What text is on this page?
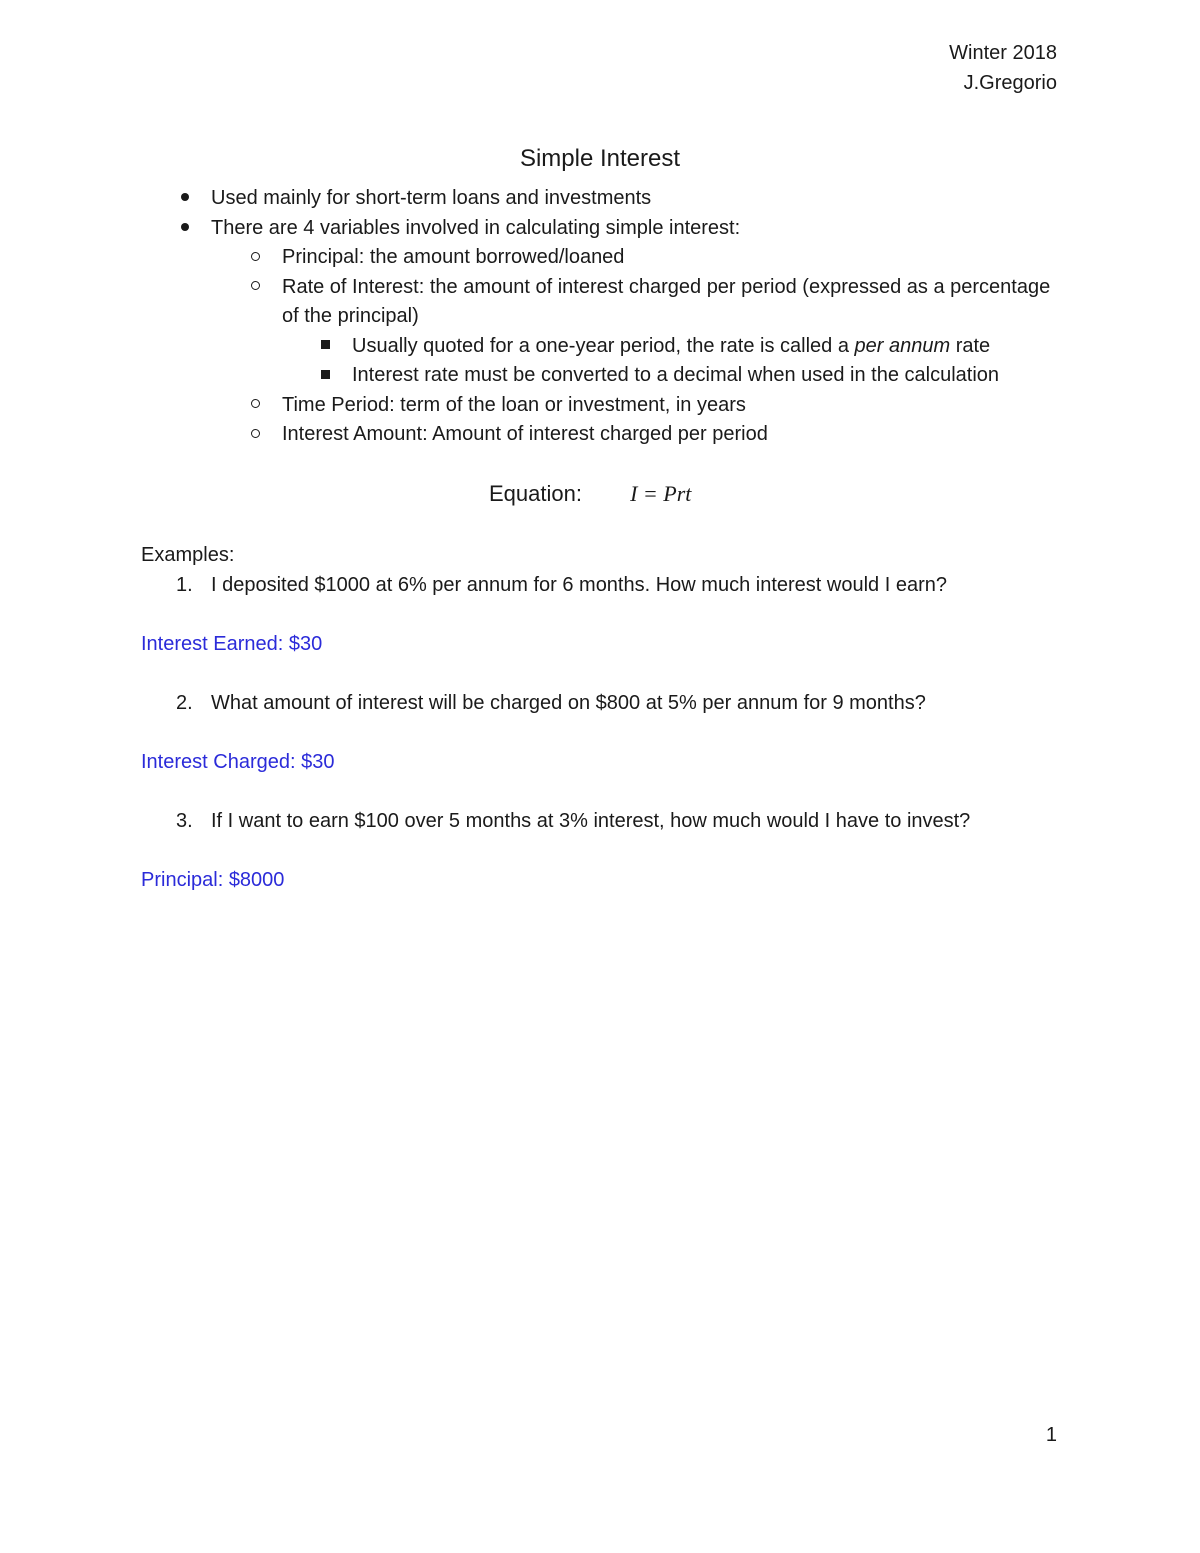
Winter 2018
J.Gregorio
Simple Interest
Used mainly for short-term loans and investments
There are 4 variables involved in calculating simple interest:
Principal: the amount borrowed/loaned
Rate of Interest: the amount of interest charged per period (expressed as a percentage of the principal)
Usually quoted for a one-year period, the rate is called a per annum rate
Interest rate must be converted to a decimal when used in the calculation
Time Period: term of the loan or investment, in years
Interest Amount: Amount of interest charged per period
Equation: I = Prt
Examples:
1. I deposited $1000 at 6% per annum for 6 months. How much interest would I earn?
Interest Earned: $30
2. What amount of interest will be charged on $800 at 5% per annum for 9 months?
Interest Charged: $30
3. If I want to earn $100 over 5 months at 3% interest, how much would I have to invest?
Principal: $8000
1
